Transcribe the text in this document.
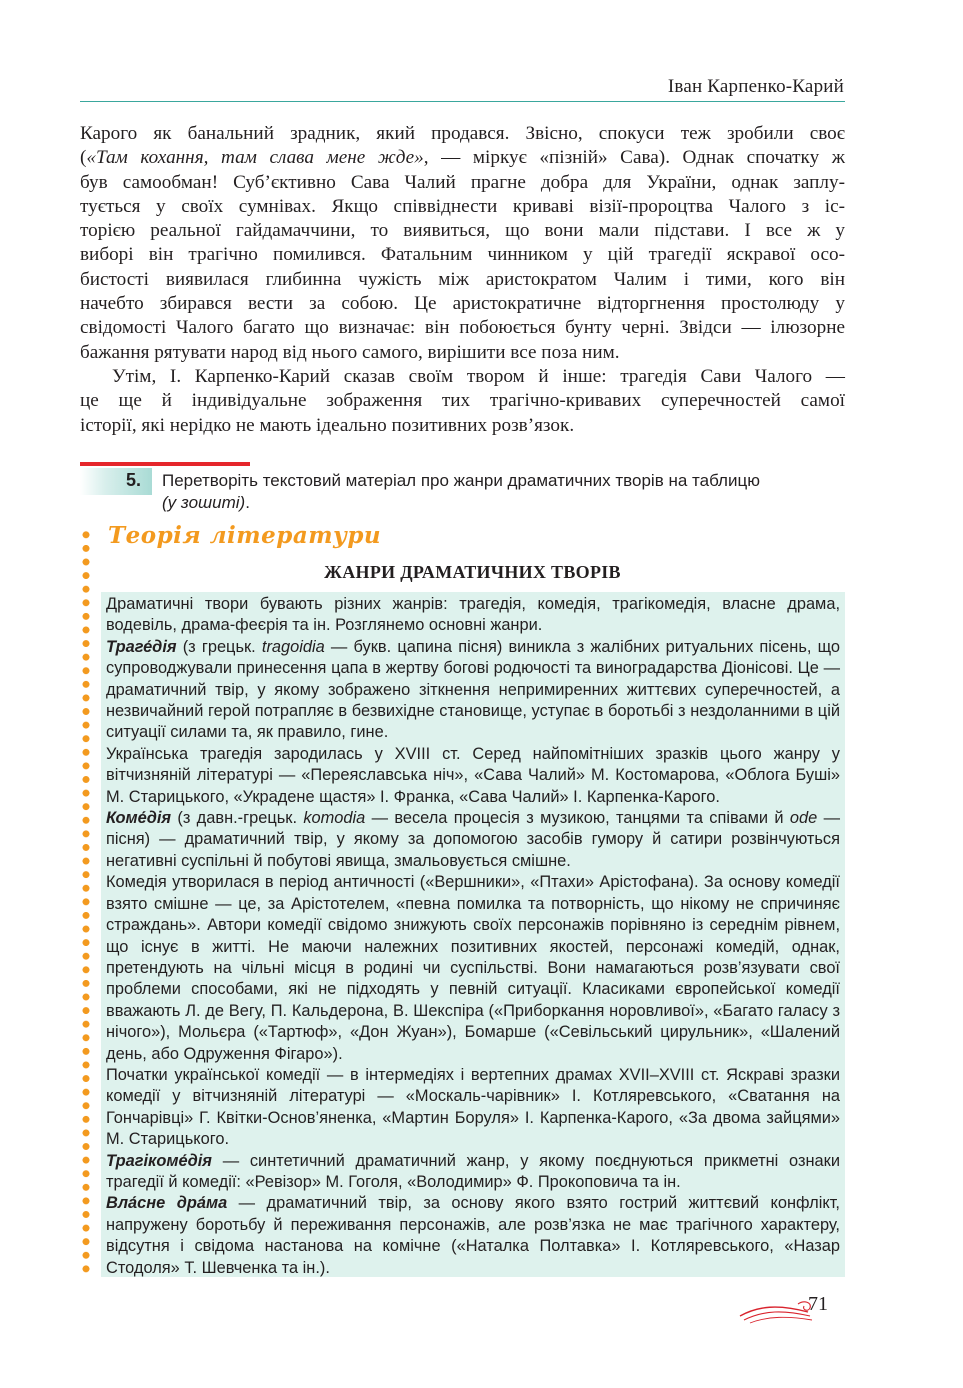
Іван Карпенко-Карий

Карого як банальний зрадник, який продався. Звісно, спокуси теж зробили своє
(«Там кохання, там слава мене жде», — міркує «пізній» Сава). Однак спочатку ж
був самообман! Суб’єктивно Сава Чалий прагне добра для України, однак заплу-
тується у своїх сумнівах. Якщо співвіднести криваві візії-пророцтва Чалого з іс-
торією реальної гайдамаччини, то виявиться, що вони мали підстави. І все ж у
виборі він трагічно помилився. Фатальним чинником у цій трагедії яскравої осо-
бистості виявилася глибинна чужість між аристократом Чалим і тими, кого він
начебто збирався вести за собою. Це аристократичне відторгнення простолюду у
свідомості Чалого багато що визначає: він побоюється бунту черні. Звідси — ілюзорне
бажання рятувати народ від нього самого, вирішити все поза ним.

Утім, І. Карпенко-Карий сказав своїм твором й інше: трагедія Сави Чалого —
це ще й індивідуальне зображення тих трагічно-кривавих суперечностей самої
історії, які нерідко не мають ідеально позитивних розв’язок.

5. Перетворіть текстовий матеріал про жанри драматичних творів на таблицю
(у зошиті).
Теорія літератури
ЖАНРИ ДРАМАТИЧНИХ ТВОРІВ

Драматичні твори бувають різних жанрів: трагедія, комедія, трагікомедія, власне драма, водевіль, драма-феєрія та ін. Розглянемо основні жанри.

Траге́дія (з грецьк. tragoidia — букв. цапина пісня) виникла з жалібних ритуальних пісень, що супроводжували принесення цапа в жертву богові родючості та виноградарства Діонісові. Це — драматичний твір, у якому зображено зіткнення непримиренних життєвих суперечностей, а незвичайний герой потрапляє в безвихідне становище, уступає в боротьбі з нездоланними в цій ситуації силами та, як правило, гине.

Українська трагедія зародилась у XVIII ст. Серед найпомітніших зразків цього жанру у вітчизняній літературі — «Переяславська ніч», «Сава Чалий» М. Костомарова, «Облога Буші» М. Старицького, «Украдене щастя» І. Франка, «Сава Чалий» І. Карпенка-Карого.

Коме́дія (з давн.-грецьк. komodia — весела процесія з музикою, танцями та співами й ode — пісня) — драматичний твір, у якому за допомогою засобів гумору й сатири розвінчуються негативні суспільні й побутові явища, змальовується смішне.

Комедія утворилася в період античності («Вершники», «Птахи» Арістофана). За основу комедії взято смішне — це, за Арістотелем, «певна помилка та потворність, що нікому не спричиняє страждань». Автори комедії свідомо знижують своїх персонажів порівняно із середнім рівнем, що існує в житті. Не маючи належних позитивних якостей, персонажі комедій, однак, претендують на чільні місця в родині чи суспільстві. Вони намагаються розв’язувати свої проблеми способами, які не підходять у певній ситуації. Класиками європейської комедії вважають Л. де Вегу, П. Кальдерона, В. Шекспіра («Приборкання норовливої», «Багато галасу з нічого»), Мольєра («Тартюф», «Дон Жуан»), Бомарше («Севільський цирульник», «Шалений день, або Одруження Фігаро»).

Початки української комедії — в інтермедіях і вертепних драмах XVII–XVIII ст. Яскраві зразки комедії у вітчизняній літературі — «Москаль-чарівник» І. Котляревського, «Сватання на Гончарівці» Г. Квітки-Основ’яненка, «Мартин Боруля» І. Карпенка-Карого, «За двома зайцями» М. Старицького.

Трагікоме́дія — синтетичний драматичний жанр, у якому поєднуються прикметні ознаки трагедії й комедії: «Ревізор» М. Гоголя, «Володимир» Ф. Прокоповича та ін.

Вла́сне дра́ма — драматичний твір, за основу якого взято гострий життєвий конфлікт, напружену боротьбу й переживання персонажів, але розв’язка не має трагічного характеру, відсутня і свідома настанова на комічне («Наталка Полтавка» І. Котляревського, «Назар Стодоля» Т. Шевченка та ін.).

71
